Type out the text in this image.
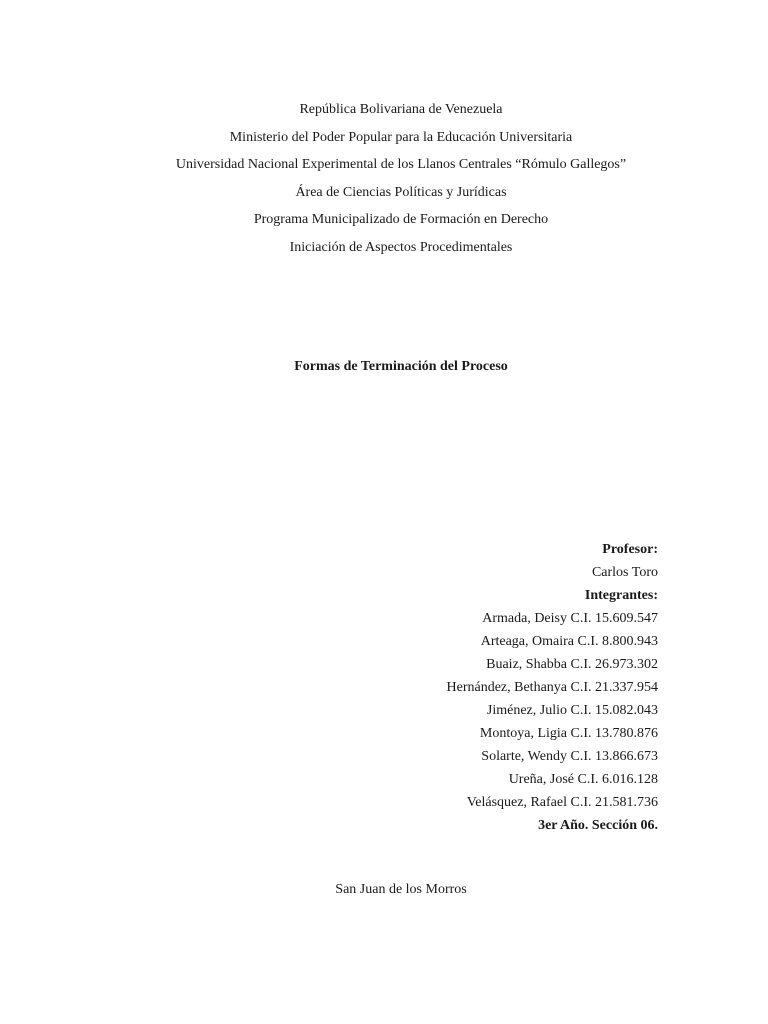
República Bolivariana de Venezuela
Ministerio del Poder Popular para la Educación Universitaria
Universidad Nacional Experimental de los Llanos Centrales “Rómulo Gallegos”
Área de Ciencias Políticas y Jurídicas
Programa Municipalizado de Formación en Derecho
Iniciación de Aspectos Procedimentales
Formas de Terminación del Proceso
Profesor:
Carlos Toro
Integrantes:
Armada, Deisy C.I. 15.609.547
Arteaga, Omaira C.I. 8.800.943
Buaiz, Shabba C.I. 26.973.302
Hernández, Bethanya C.I. 21.337.954
Jiménez, Julio C.I. 15.082.043
Montoya, Ligia C.I. 13.780.876
Solarte, Wendy C.I. 13.866.673
Ureña, José C.I. 6.016.128
Velásquez, Rafael C.I. 21.581.736
3er Año. Sección 06.
San Juan de los Morros
